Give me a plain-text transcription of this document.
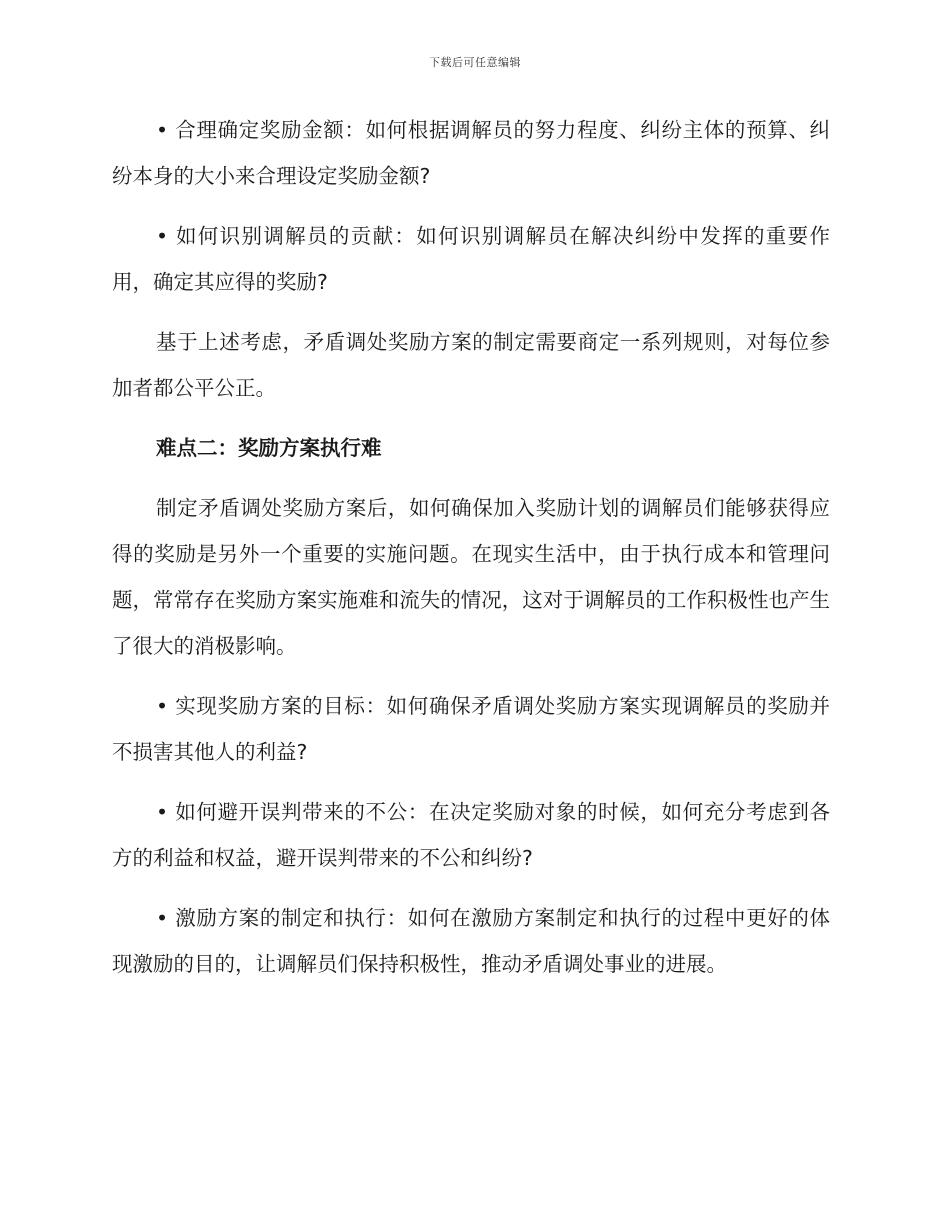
下载后可任意编辑

• 合理确定奖励金额：如何根据调解员的努力程度、纠纷主体的预算、纠纷本身的大小来合理设定奖励金额?

• 如何识别调解员的贡献：如何识别调解员在解决纠纷中发挥的重要作用，确定其应得的奖励?

基于上述考虑，矛盾调处奖励方案的制定需要商定一系列规则，对每位参加者都公平公正。

难点二：奖励方案执行难

制定矛盾调处奖励方案后，如何确保加入奖励计划的调解员们能够获得应得的奖励是另外一个重要的实施问题。在现实生活中，由于执行成本和管理问题，常常存在奖励方案实施难和流失的情况，这对于调解员的工作积极性也产生了很大的消极影响。

• 实现奖励方案的目标：如何确保矛盾调处奖励方案实现调解员的奖励并不损害其他人的利益?

• 如何避开误判带来的不公：在决定奖励对象的时候，如何充分考虑到各方的利益和权益，避开误判带来的不公和纠纷?

• 激励方案的制定和执行：如何在激励方案制定和执行的过程中更好的体现激励的目的，让调解员们保持积极性，推动矛盾调处事业的进展。
